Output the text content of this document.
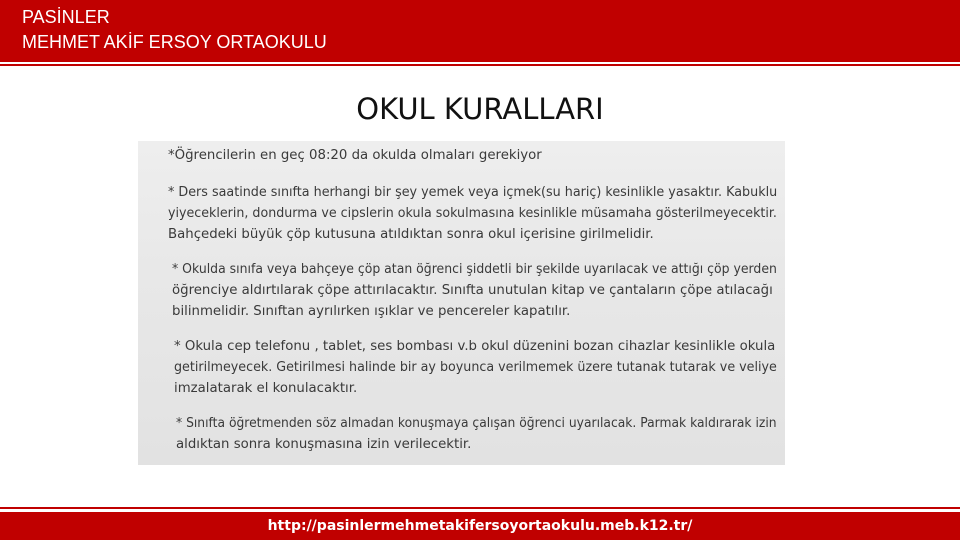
PASİNLER
MEHMET AKİF ERSOY ORTAOKULU
OKUL KURALLARI
*Öğrencilerin en geç 08:20 da okulda olmaları gerekiyor
* Ders saatinde sınıfta herhangi bir şey yemek veya içmek(su hariç) kesinlikle yasaktır. Kabuklu
yiyeceklerin, dondurma ve cipslerin okula sokulmasına kesinlikle müsamaha gösterilmeyecektir.
Bahçedeki büyük çöp kutusuna atıldıktan sonra okul içerisine girilmelidir.
* Okulda sınıfa veya bahçeye çöp atan öğrenci şiddetli bir şekilde uyarılacak ve attığı çöp yerden
öğrenciye aldırtılarak çöpe attırılacaktır. Sınıfta unutulan kitap ve çantaların çöpe atılacağı
bilinmelidir. Sınıftan ayrılırken ışıklar ve pencereler kapatılır.
* Okula cep telefonu , tablet, ses bombası v.b okul düzenini bozan cihazlar kesinlikle okula
getirilmeyecek. Getirilmesi halinde bir ay boyunca verilmemek üzere tutanak tutarak ve veliye
imzalatarak el konulacaktır.
* Sınıfta öğretmenden söz almadan konuşmaya çalışan öğrenci uyarılacak. Parmak kaldırarak izin
aldıktan sonra konuşmasına izin verilecektir.
http://pasinlermehmetakifersoyortaokulu.meb.k12.tr/
